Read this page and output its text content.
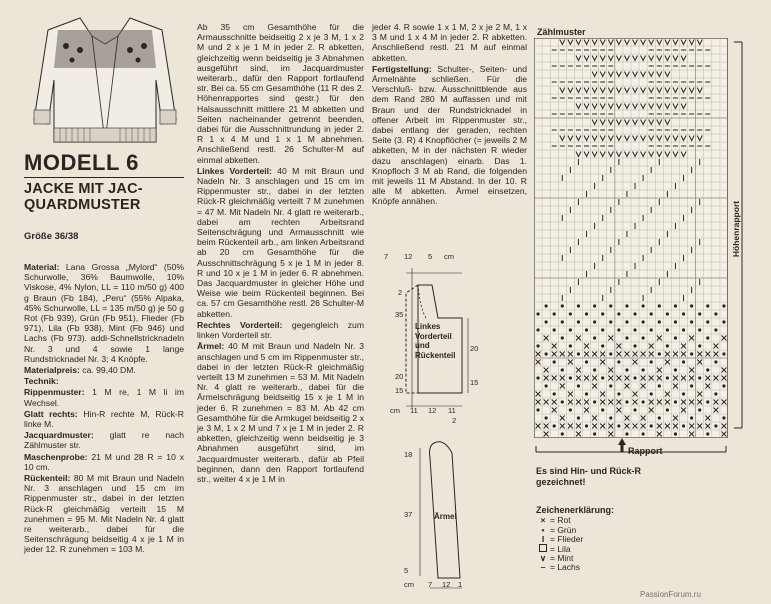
MODELL 6
JACKE MIT JAC-QUARDMUSTER
Größe 36/38

Material: Lana Grossa „Mylord“ (50% Schurwolle, 36% Baumwolle, 10% Viskose, 4% Nylon, LL = 110 m/50 g) 400 g Braun (Fb 184), „Peru“ (55% Alpaka, 45% Schurwolle, LL = 135 m/50 g) je 50 g Rot (Fb 939), Grün (Fb 951), Flieder (Fb 971), Lila (Fb 938), Mint (Fb 946) und Lachs (Fb 973). addi-Schnellstricknadeln Nr. 3 und 4 sowie 1 lange Rundstricknadel Nr. 3; 4 Knöpfe.

Materialpreis: ca. 99,40 DM.

Technik:

Rippenmuster: 1 M re, 1 M li im Wechsel.

Glatt rechts: Hin-R rechte M, Rück-R linke M.

Jacquardmuster: glatt re nach Zählmuster str.

Maschenprobe: 21 M und 28 R = 10 x 10 cm.

Rückenteil: 80 M mit Braun und Nadeln Nr. 3 anschlagen und 15 cm im Rippenmuster str., dabei in der letzten Rück-R gleichmäßig verteilt 15 M zunehmen = 95 M. Mit Nadeln Nr. 4 glatt re weiterarb., dabei für die Seitenschrägung beidseitig 4 x je 1 M in jeder 12. R zunehmen = 103 M.

Ab 35 cm Gesamthöhe für die Armausschnitte beidseitig 2 x je 3 M, 1 x 2 M und 2 x je 1 M in jeder 2. R abketten, gleichzeitig wenn beidseitig je 3 Abnahmen ausgeführt sind, im Jacquardmuster weiterarb., dafür den Rapport fortlaufend str. Bei ca. 55 cm Gesamthöhe (11 R des 2. Höhenrapportes sind gestr.) für den Halsausschnitt mittlere 21 M abketten und Seiten nacheinander getrennt beenden, dabei für die Ausschnittrundung in jeder 2. R 1 x 4 M und 1 x 1 M abnehmen. Anschließend restl. 26 Schulter-M auf einmal abketten.

Linkes Vorderteil: 40 M mit Braun und Nadeln Nr. 3 anschlagen und 15 cm im Rippenmuster str., dabei in der letzten Rück-R gleichmäßig verteilt 7 M zunehmen = 47 M. Mit Nadeln Nr. 4 glatt re weiterarb., dabei am rechten Arbeitsrand Seitenschrägung und Armausschnitt wie beim Rückenteil arb., am linken Arbeitsrand ab 20 cm Gesamthöhe für die Ausschnittschrägung 5 x je 1 M in jeder 8. R und 10 x je 1 M in jeder 6. R abnehmen. Das Jacquardmuster in gleicher Höhe und Weise wie beim Rückenteil beginnen. Bei ca. 57 cm Gesamthöhe restl. 26 Schulter-M abketten.

Rechtes Vorderteil: gegengleich zum linken Vorderteil str.

Ärmel: 40 M mit Braun und Nadeln Nr. 3 anschlagen und 5 cm im Rippenmuster str., dabei in der letzten Rück-R gleichmäßig verteilt 13 M zunehmen = 53 M. Mit Nadeln Nr. 4 glatt re weiterarb., dabei für die Ärmelschrägung beidseitig 15 x je 1 M in jeder 6. R zunehmen = 83 M. Ab 42 cm Gesamthöhe für die Armkugel beidseitig 2 x je 3 M, 1 x 2 M und 7 x je 1 M in jeder 2. R abketten, gleichzeitig wenn beidseitig je 3 Abnahmen ausgeführt sind, im Jacquardmuster weiterarb., dafür ab Pfeil beginnen, dann den Rapport fortlaufend str., weiter 4 x je 1 M in

jeder 4. R sowie 1 x 1 M, 2 x je 2 M, 1 x 3 M und 1 x 4 M in jeder 2. R abketten. Anschließend restl. 21 M auf einmal abketten.

Fertigstellung: Schulter-, Seiten- und Ärmelnähte schließen. Für die Verschluß- bzw. Ausschnittblende aus dem Rand 280 M auffassen und mit Braun und der Rundstricknadel in offener Arbeit im Rippenmuster str., dabei entlang der geraden, rechten Seite (3. R) 4 Knopflöcher (= jeweils 2 M abketten, M in der nächsten R wieder dazu anschlagen) einarb. Das 1. Knopfloch 3 M ab Rand, die folgenden mit jeweils 11 M Abstand. In der 10. R alle M abketten. Ärmel einsetzen, Knöpfe annähen.

7 12 5 cm
2
35
20
15
20
15
cm 11 12 11
2
Linkes
Vorderteil
und
Rückenteil
Ärmel
18
37
5
cm 7 12 1
Zählmuster
Höhenrapport
Rapport
Es sind Hin- und Rück-R gezeichnet!
Zeichenerklärung:
× = Rot
• = Grün
I = Flieder
= Lila
∨ = Mint
– = Lachs
PassionForum.ru
